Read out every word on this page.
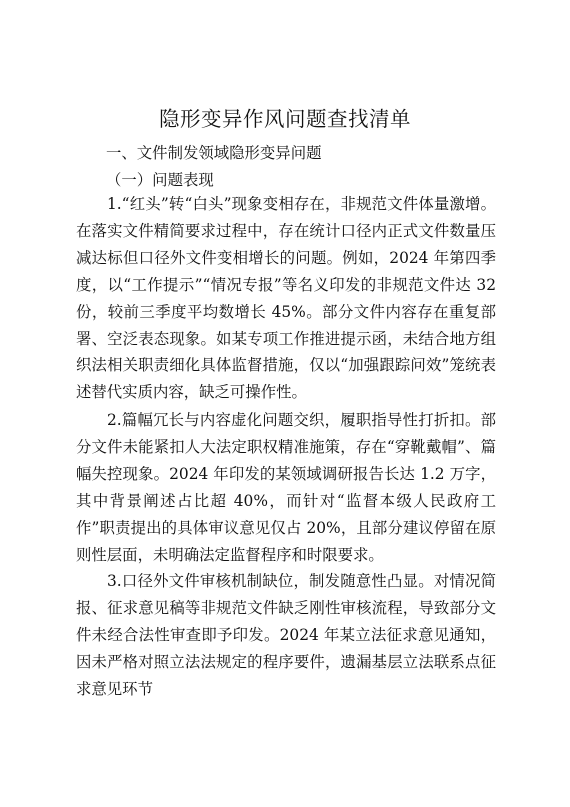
隐形变异作风问题查找清单
一、文件制发领域隐形变异问题
（一）问题表现

1.“红头”转“白头”现象变相存在，非规范文件体量激增。在落实文件精简要求过程中，存在统计口径内正式文件数量压减达标但口径外文件变相增长的问题。例如，2024 年第四季度，以“工作提示”“情况专报”等名义印发的非规范文件达 32 份，较前三季度平均数增长 45%。部分文件内容存在重复部署、空泛表态现象。如某专项工作推进提示函，未结合地方组织法相关职责细化具体监督措施，仅以“加强跟踪问效”笼统表述替代实质内容，缺乏可操作性。

2.篇幅冗长与内容虚化问题交织，履职指导性打折扣。部分文件未能紧扣人大法定职权精准施策，存在“穿靴戴帽”、篇幅失控现象。2024 年印发的某领域调研报告长达 1.2 万字，其中背景阐述占比超 40%，而针对“监督本级人民政府工作”职责提出的具体审议意见仅占 20%，且部分建议停留在原则性层面，未明确法定监督程序和时限要求。

3.口径外文件审核机制缺位，制发随意性凸显。对情况简报、征求意见稿等非规范文件缺乏刚性审核流程，导致部分文件未经合法性审查即予印发。2024 年某立法征求意见通知，因未严格对照立法法规定的程序要件，遗漏基层立法联系点征求意见环节
